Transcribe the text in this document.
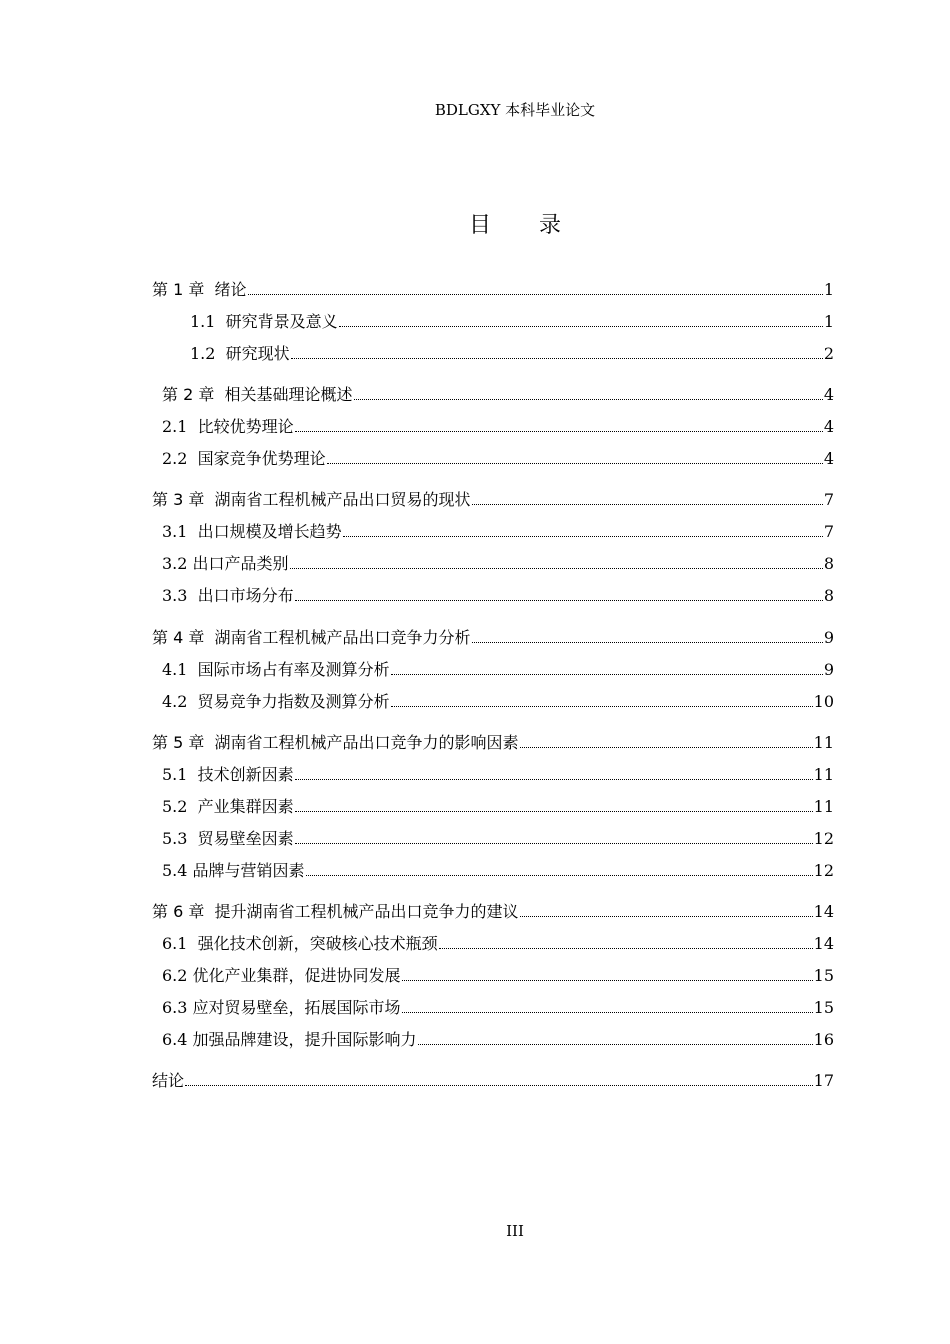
BDLGXY 本科毕业论文
目录
第 1 章  绪论	1
1.1  研究背景及意义	1
1.2  研究现状	2
第 2 章  相关基础理论概述	4
2.1  比较优势理论	4
2.2  国家竞争优势理论	4
第 3 章  湖南省工程机械产品出口贸易的现状	7
3.1  出口规模及增长趋势	7
3.2 出口产品类别	8
3.3  出口市场分布	8
第 4 章  湖南省工程机械产品出口竞争力分析	9
4.1  国际市场占有率及测算分析	9
4.2  贸易竞争力指数及测算分析	10
第 5 章  湖南省工程机械产品出口竞争力的影响因素	11
5.1  技术创新因素	11
5.2  产业集群因素	11
5.3  贸易壁垒因素	12
5.4 品牌与营销因素	12
第 6 章  提升湖南省工程机械产品出口竞争力的建议	14
6.1  强化技术创新，突破核心技术瓶颈	14
6.2 优化产业集群，促进协同发展	15
6.3 应对贸易壁垒，拓展国际市场	15
6.4 加强品牌建设，提升国际影响力	16
结论	17
III
